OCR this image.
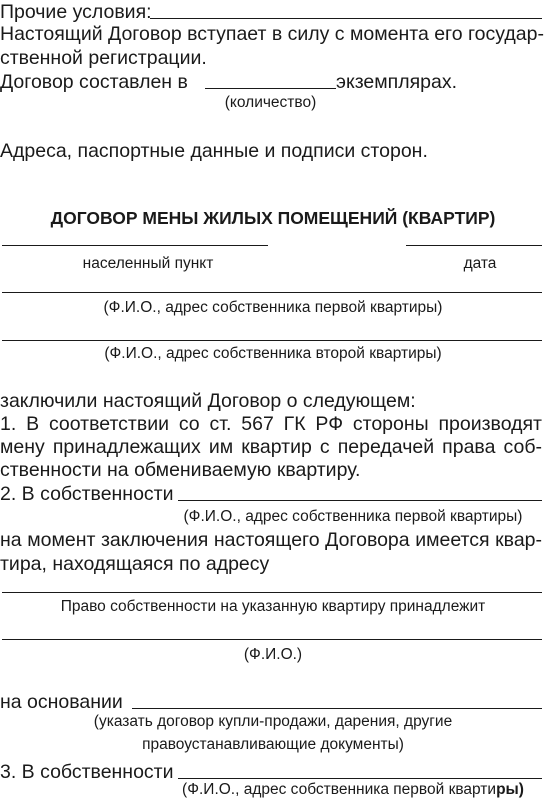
Прочие условия:
Настоящий Договор вступает в силу с момента его государ-
ственной регистрации.
Договор составлен в	экземплярах.
(количество)
Адреса, паспортные данные и подписи сторон.
ДОГОВОР МЕНЫ ЖИЛЫХ ПОМЕЩЕНИЙ (КВАРТИР)
населенный пункт	дата
(Ф.И.О., адрес собственника первой квартиры)
(Ф.И.О., адрес собственника второй квартиры)
заключили настоящий Договор о следующем:
1. В соответствии со ст. 567 ГК РФ стороны производят
мену принадлежащих им квартир с передачей права соб-
ственности на обмениваемую квартиру.
2. В собственности
(Ф.И.О., адрес собственника первой квартиры)
на момент заключения настоящего Договора имеется квар-
тира, находящаяся по адресу
Право собственности на указанную квартиру принадлежит
(Ф.И.О.)
на основании
(указать договор купли-продажи, дарения, другие
правоустанавливающие документы)
3. В собственности
(Ф.И.О., адрес собственника первой квартиры)
